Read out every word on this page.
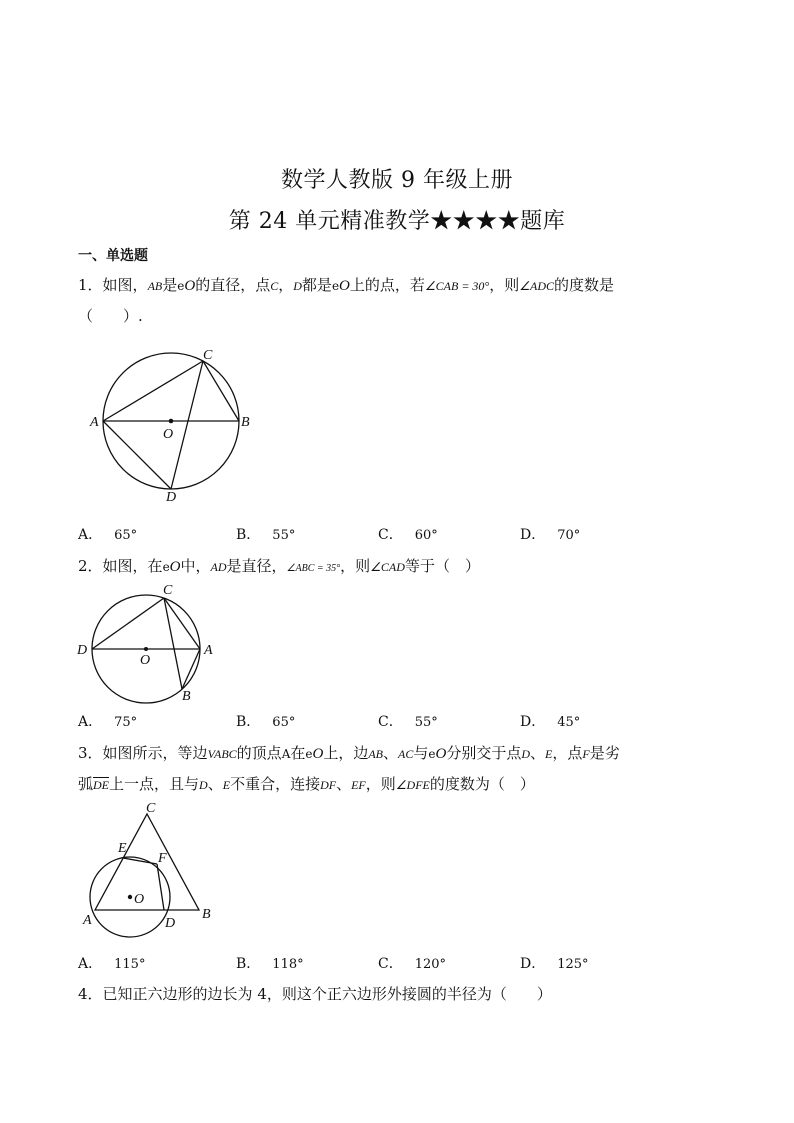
数学人教版 9 年级上册
第 24 单元精准教学★★★★题库
一、单选题
1．如图，AB是eO的直径，点C，D都是eO上的点，若∠CAB = 30°，则∠ADC的度数是
（　　）.
A	B
C
D
O
A． 65°	B． 55°	C． 60°	D． 70°
2．如图，在eO中，AD是直径，∠ABC = 35°，则∠CAD等于（　）
D	A
C
B
O
A． 75°	B． 65°	C． 55°	D． 45°
3．如图所示，等边VABC的顶点A在eO上，边AB、AC与eO分别交于点D、E，点F是劣
弧$\overline{DE}$上一点，且与D、E不重合，连接DF、EF，则∠DFE的度数为（　）
C
E
F
A	D
B
O
A． 115°	B． 118°	C． 120°	D． 125°
4．已知正六边形的边长为 4，则这个正六边形外接圆的半径为（　　）
